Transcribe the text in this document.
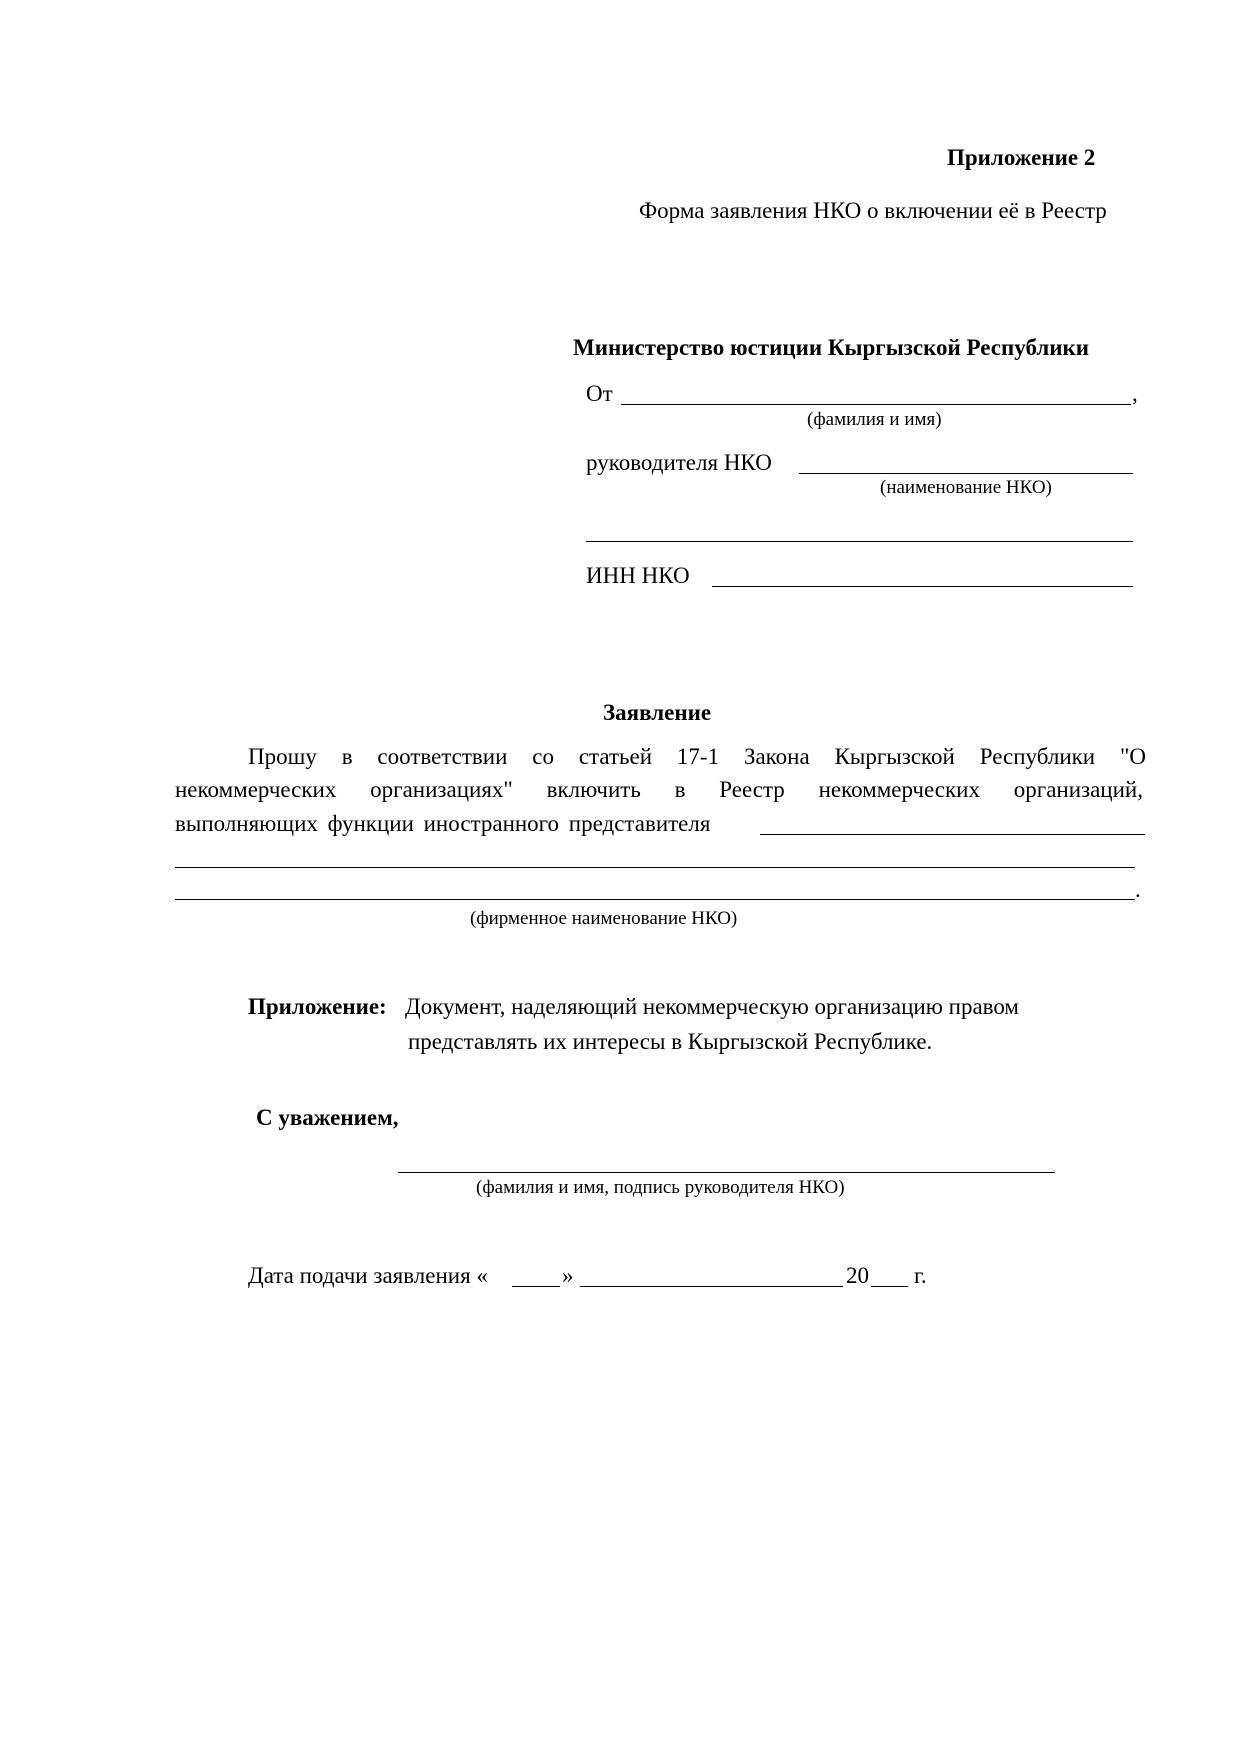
Приложение 2
Форма заявления НКО о включении её в Реестр
Министерство юстиции Кыргызской Республики
От	,
(фамилия и имя)
руководителя НКО
(наименование НКО)
ИНН НКО
Заявление
Прошу в соответствии со статьей 17-1 Закона Кыргызской Республики "О
некоммерческих организациях" включить в Реестр некоммерческих организаций,
выполняющих функции иностранного представителя
.
(фирменное наименование НКО)
Приложение: Документ, наделяющий некоммерческую организацию правом
представлять их интересы в Кыргызской Республике.
С уважением,
(фамилия и имя, подпись руководителя НКО)
Дата подачи заявления «	»	20 г.
